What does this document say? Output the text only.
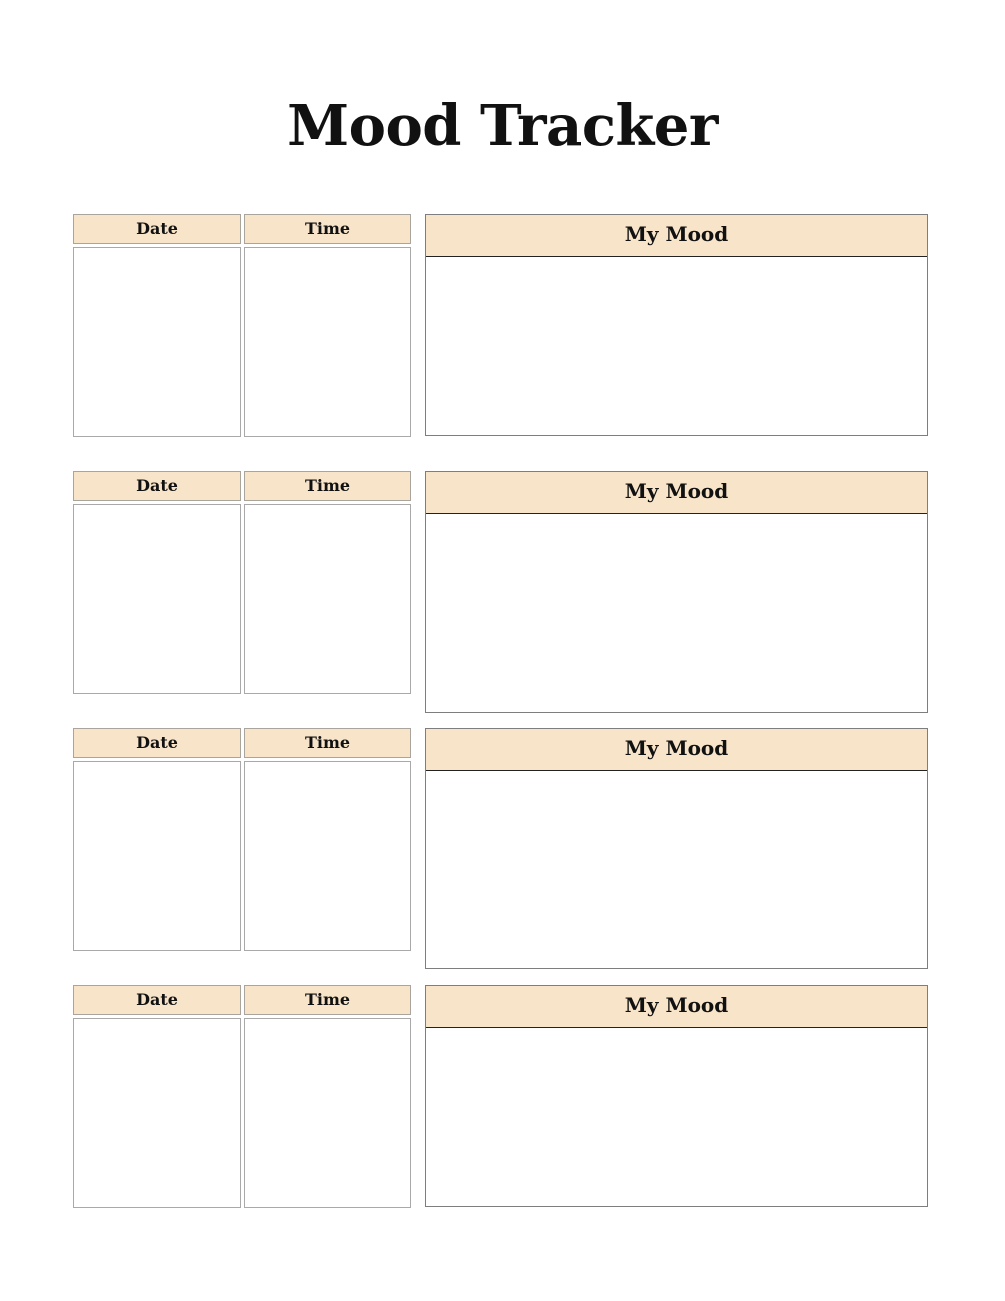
Mood Tracker
Date	Time	My Mood
Date	Time	My Mood
Date	Time	My Mood
Date	Time	My Mood
